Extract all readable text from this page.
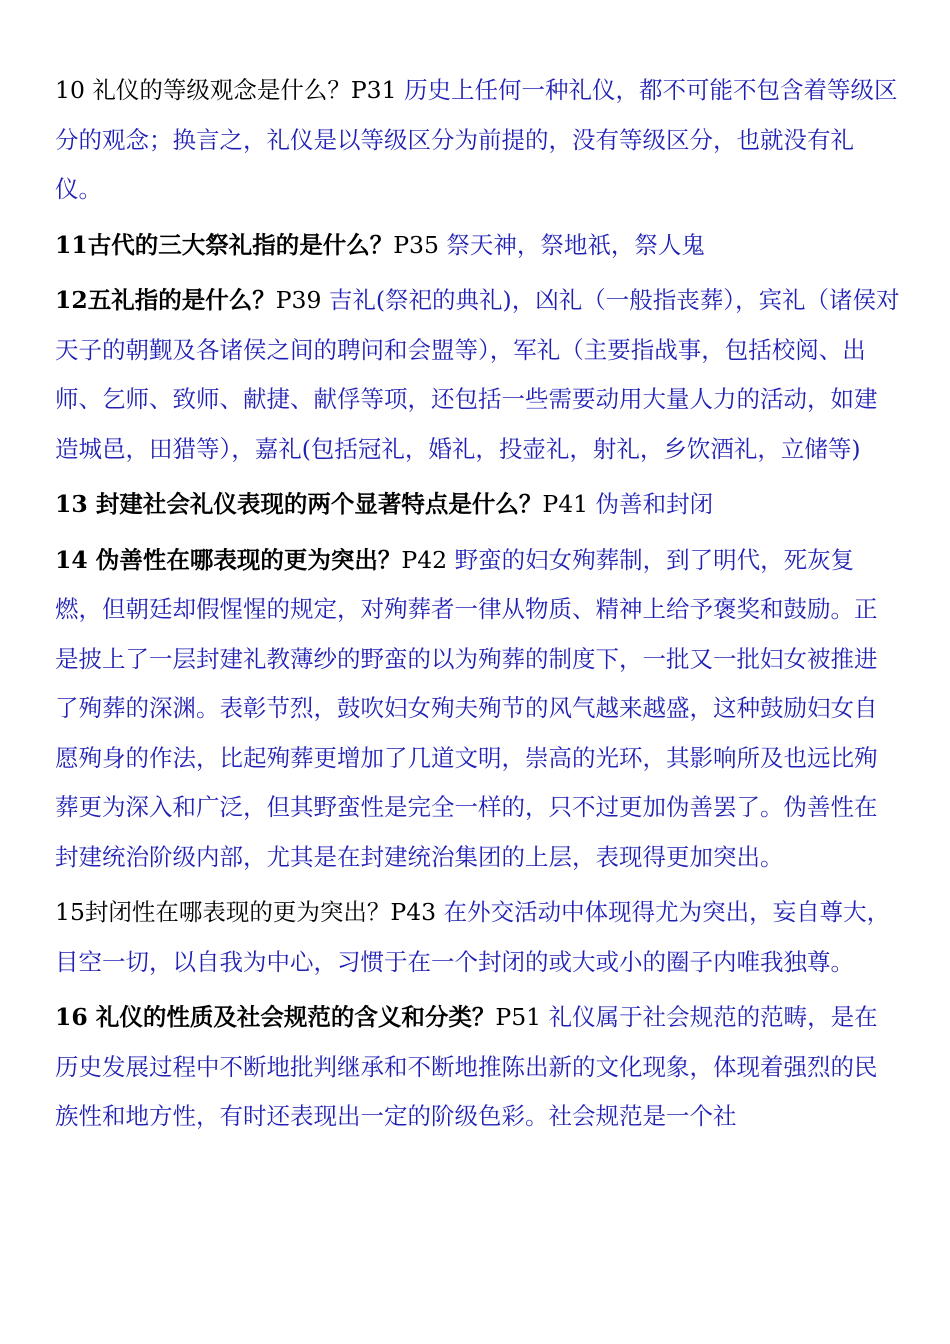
10 礼仪的等级观念是什么？P31 历史上任何一种礼仪，都不可能不包含着等级区分的观念；换言之，礼仪是以等级区分为前提的，没有等级区分，也就没有礼仪。

11古代的三大祭礼指的是什么？P35 祭天神，祭地祇，祭人鬼

12五礼指的是什么？P39 吉礼(祭祀的典礼)，凶礼（一般指丧葬），宾礼（诸侯对天子的朝觐及各诸侯之间的聘问和会盟等），军礼（主要指战事，包括校阅、出师、乞师、致师、献捷、献俘等项，还包括一些需要动用大量人力的活动，如建造城邑，田猎等），嘉礼(包括冠礼，婚礼，投壶礼，射礼，乡饮酒礼，立储等)

13 封建社会礼仪表现的两个显著特点是什么？P41 伪善和封闭

14 伪善性在哪表现的更为突出？P42 野蛮的妇女殉葬制，到了明代，死灰复燃，但朝廷却假惺惺的规定，对殉葬者一律从物质、精神上给予褒奖和鼓励。正是披上了一层封建礼教薄纱的野蛮的以为殉葬的制度下，一批又一批妇女被推进了殉葬的深渊。表彰节烈，鼓吹妇女殉夫殉节的风气越来越盛，这种鼓励妇女自愿殉身的作法，比起殉葬更增加了几道文明，崇高的光环，其影响所及也远比殉葬更为深入和广泛，但其野蛮性是完全一样的，只不过更加伪善罢了。伪善性在封建统治阶级内部，尤其是在封建统治集团的上层，表现得更加突出。

15封闭性在哪表现的更为突出？P43 在外交活动中体现得尤为突出，妄自尊大，目空一切，以自我为中心，习惯于在一个封闭的或大或小的圈子内唯我独尊。

16 礼仪的性质及社会规范的含义和分类？P51 礼仪属于社会规范的范畴，是在历史发展过程中不断地批判继承和不断地推陈出新的文化现象，体现着强烈的民族性和地方性，有时还表现出一定的阶级色彩。社会规范是一个社
